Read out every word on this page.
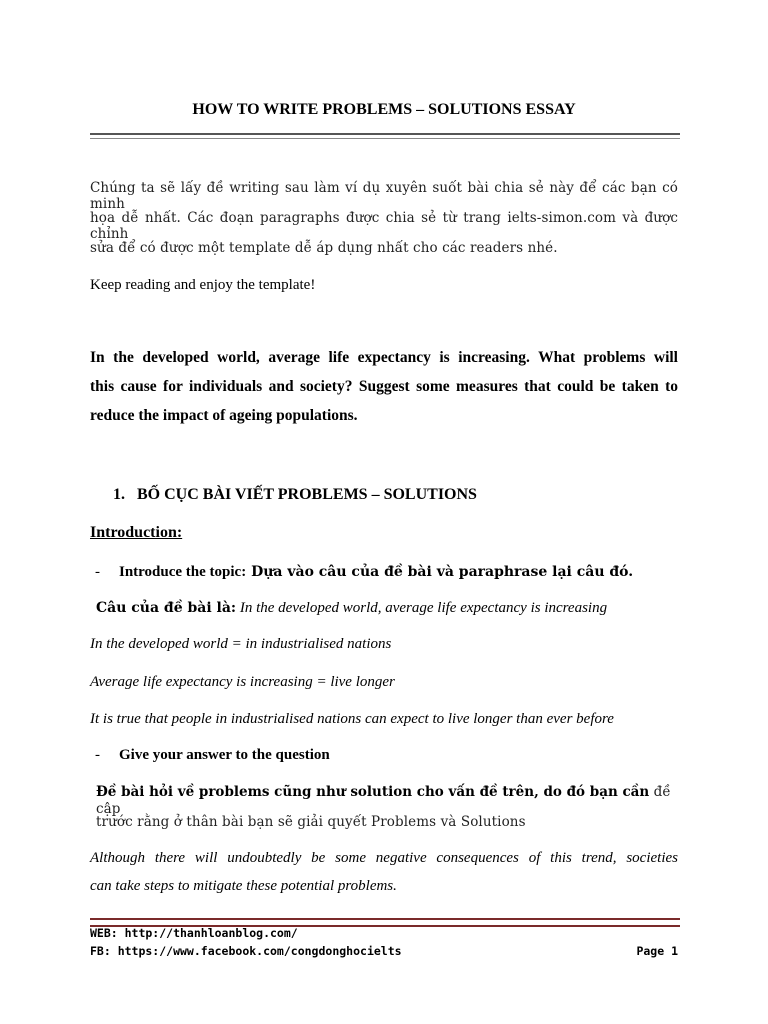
HOW TO WRITE PROBLEMS – SOLUTIONS ESSAY
Chúng ta sẽ lấy đề writing sau làm ví dụ xuyên suốt bài chia sẻ này để các bạn có minh
họa dễ nhất. Các đoạn paragraphs được chia sẻ từ trang ielts-simon.com và được chỉnh
sửa để có được một template dễ áp dụng nhất cho các readers nhé.
Keep reading and enjoy the template!
In the developed world, average life expectancy is increasing. What problems will
this cause for individuals and society? Suggest some measures that could be taken to
reduce the impact of ageing populations.
1. BỐ CỤC BÀI VIẾT PROBLEMS – SOLUTIONS
Introduction:
- Introduce the topic: Dựa vào câu của đề bài và paraphrase lại câu đó.
Câu của đề bài là: In the developed world, average life expectancy is increasing
In the developed world = in industrialised nations
Average life expectancy is increasing = live longer
It is true that people in industrialised nations can expect to live longer than ever before
- Give your answer to the question
Đề bài hỏi về problems cũng như solution cho vấn đề trên, do đó bạn cần đề cập
trước rằng ở thân bài bạn sẽ giải quyết Problems và Solutions
Although there will undoubtedly be some negative consequences of this trend, societies
can take steps to mitigate these potential problems.
WEB: http://thanhloanblog.com/
FB: https://www.facebook.com/congdonghocielts	Page 1
